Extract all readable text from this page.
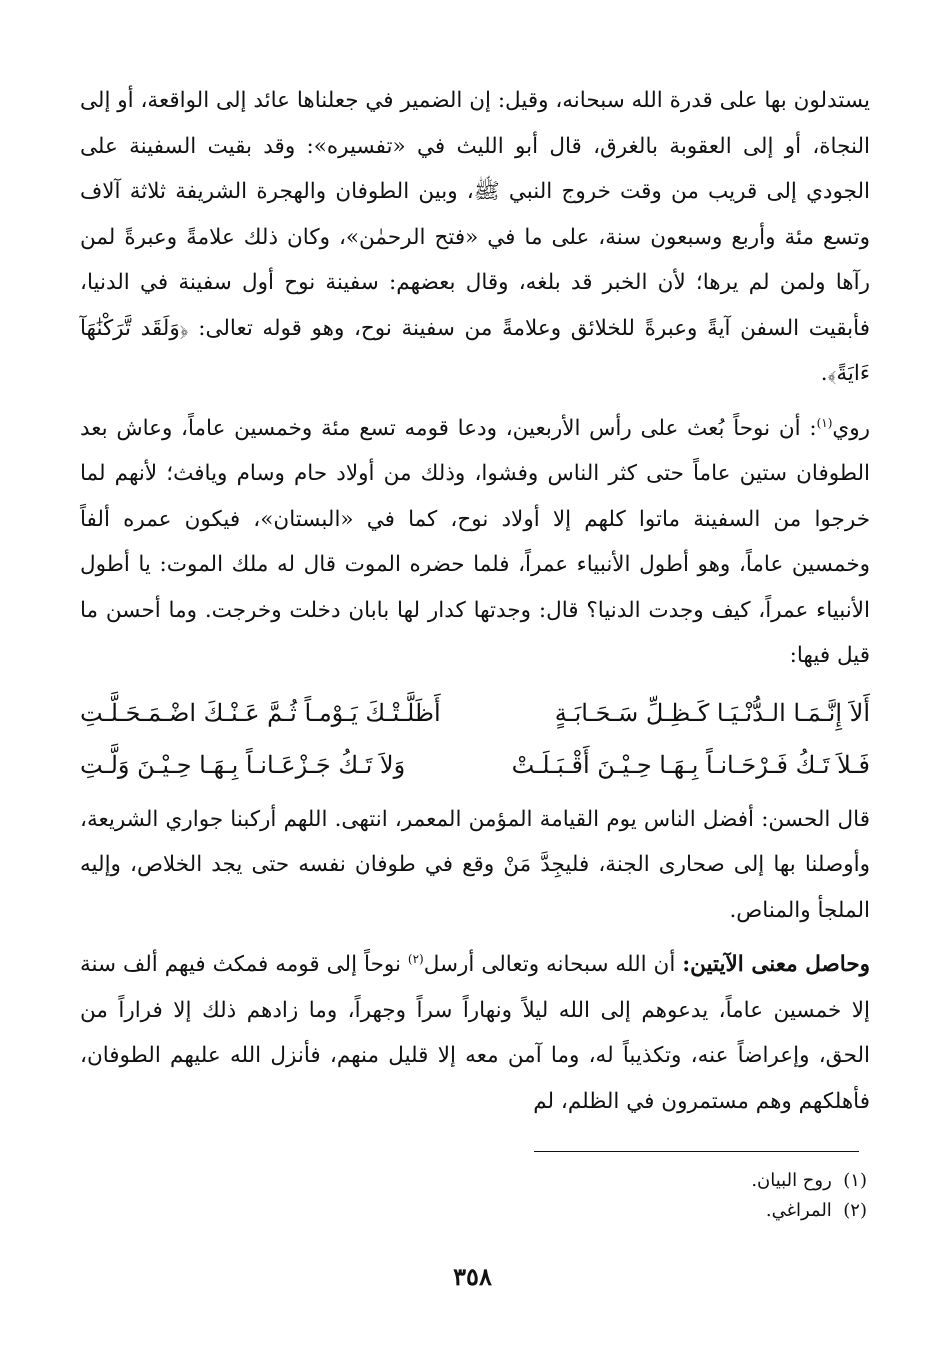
يستدلون بها على قدرة الله سبحانه، وقيل: إن الضمير في جعلناها عائد إلى الواقعة، أو إلى النجاة، أو إلى العقوبة بالغرق، قال أبو الليث في «تفسيره»: وقد بقيت السفينة على الجودي إلى قريب من وقت خروج النبي ﷺ، وبين الطوفان والهجرة الشريفة ثلاثة آلاف وتسع مئة وأربع وسبعون سنة، على ما في «فتح الرحمٰن»، وكان ذلك علامةً وعبرةً لمن رآها ولمن لم يرها؛ لأن الخبر قد بلغه، وقال بعضهم: سفينة نوح أول سفينة في الدنيا، فأبقيت السفن آيةً وعبرةً للخلائق وعلامةً من سفينة نوح، وهو قوله تعالى: ﴿وَلَقَد تَّرَكْنَٰهَآ ءَايَةً﴾.

روي$^{(١)}$: أن نوحاً بُعث على رأس الأربعين، ودعا قومه تسع مئة وخمسين عاماً، وعاش بعد الطوفان ستين عاماً حتى كثر الناس وفشوا، وذلك من أولاد حام وسام ويافث؛ لأنهم لما خرجوا من السفينة ماتوا كلهم إلا أولاد نوح، كما في «البستان»، فيكون عمره ألفاً وخمسين عاماً، وهو أطول الأنبياء عمراً، فلما حضره الموت قال له ملك الموت: يا أطول الأنبياء عمراً، كيف وجدت الدنيا؟ قال: وجدتها كدار لها بابان دخلت وخرجت. وما أحسن ما قيل فيها:

أَلاَ إِنَّـمَـا الـدُّنْـيَـا كَـظِـلِّ سَـحَـابَـةٍ
أَظَلَّـتْـكَ يَـوْمـاً ثُـمَّ عَـنْـكَ اضْـمَـحَـلَّـتِ
فَـلاَ تَـكُ فَـرْحَـانـاً بِـهَـا حِـيْـنَ أَقْـبَـلَـتْ
وَلاَ تَـكُ جَـزْعَـانـاً بِـهَـا حِـيْـنَ وَلَّـتِ

قال الحسن: أفضل الناس يوم القيامة المؤمن المعمر، انتهى. اللهم أركبنا جواري الشريعة، وأوصلنا بها إلى صحارى الجنة، فليجِدَّ مَنْ وقع في طوفان نفسه حتى يجد الخلاص، وإليه الملجأ والمناص.

وحاصل معنى الآيتين: أن الله سبحانه وتعالى أرسل$^{(٢)}$ نوحاً إلى قومه فمكث فيهم ألف سنة إلا خمسين عاماً، يدعوهم إلى الله ليلاً ونهاراً سراً وجهراً، وما زادهم ذلك إلا فراراً من الحق، وإعراضاً عنه، وتكذيباً له، وما آمن معه إلا قليل منهم، فأنزل الله عليهم الطوفان، فأهلكهم وهم مستمرون في الظلم، لم

(١)  روح البيان.
(٢)  المراغي.
٣٥٨
